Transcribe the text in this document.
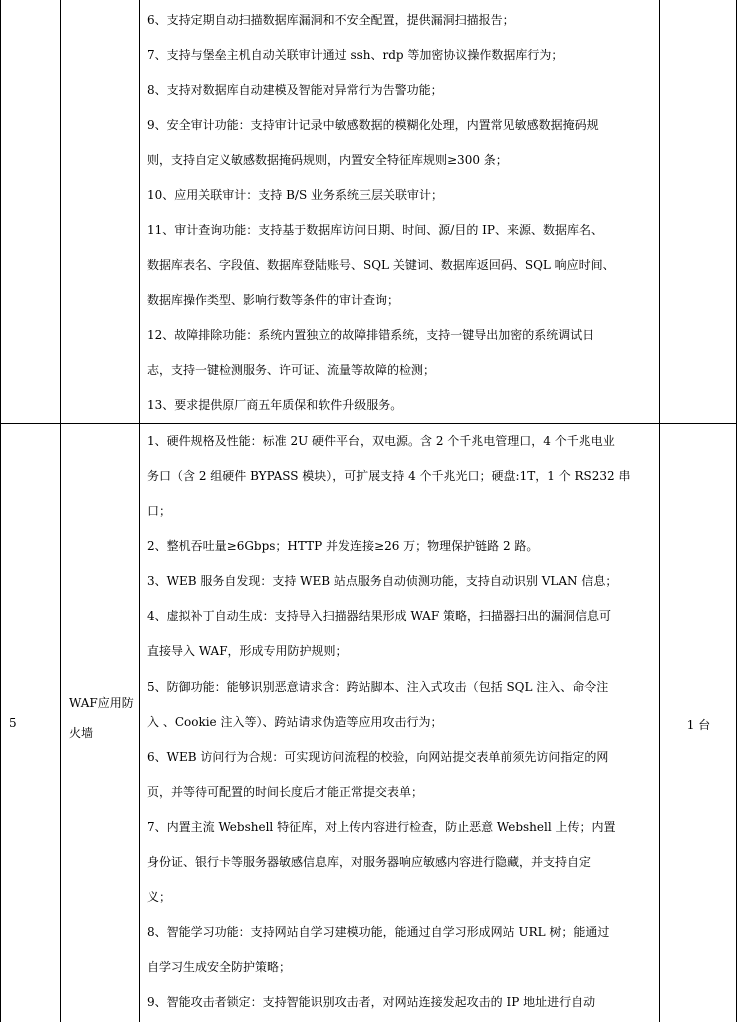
6、支持定期自动扫描数据库漏洞和不安全配置，提供漏洞扫描报告；
7、支持与堡垒主机自动关联审计通过 ssh、rdp 等加密协议操作数据库行为；
8、支持对数据库自动建模及智能对异常行为告警功能；
9、安全审计功能：支持审计记录中敏感数据的模糊化处理，内置常见敏感数据掩码规
则，支持自定义敏感数据掩码规则，内置安全特征库规则≥300 条；
10、应用关联审计：支持 B/S 业务系统三层关联审计；
11、审计查询功能：支持基于数据库访问日期、时间、源/目的 IP、来源、数据库名、
数据库表名、字段值、数据库登陆账号、SQL 关键词、数据库返回码、SQL 响应时间、
数据库操作类型、影响行数等条件的审计查询；
12、故障排除功能：系统内置独立的故障排错系统，支持一键导出加密的系统调试日
志，支持一键检测服务、许可证、流量等故障的检测；
13、要求提供原厂商五年质保和软件升级服务。
5
WAF应用防
火墙
1 台
1、硬件规格及性能：标准 2U 硬件平台，双电源。含 2 个千兆电管理口，4 个千兆电业
务口（含 2 组硬件 BYPASS 模块），可扩展支持 4 个千兆光口；硬盘:1T，1 个 RS232 串
口；
2、整机吞吐量≥6Gbps；HTTP 并发连接≥26 万；物理保护链路 2 路。
3、WEB 服务自发现：支持 WEB 站点服务自动侦测功能，支持自动识别 VLAN 信息；
4、虚拟补丁自动生成：支持导入扫描器结果形成 WAF 策略，扫描器扫出的漏洞信息可
直接导入 WAF，形成专用防护规则；
5、防御功能：能够识别恶意请求含：跨站脚本、注入式攻击（包括 SQL 注入、命令注
入 、Cookie 注入等）、跨站请求伪造等应用攻击行为；
6、WEB 访问行为合规：可实现访问流程的校验，向网站提交表单前须先访问指定的网
页，并等待可配置的时间长度后才能正常提交表单；
7、内置主流 Webshell 特征库，对上传内容进行检查，防止恶意 Webshell 上传；内置
身份证、银行卡等服务器敏感信息库，对服务器响应敏感内容进行隐藏，并支持自定
义；
8、智能学习功能：支持网站自学习建模功能，能通过自学习形成网站 URL 树；能通过
自学习生成安全防护策略；
9、智能攻击者锁定：支持智能识别攻击者，对网站连接发起攻击的 IP 地址进行自动
